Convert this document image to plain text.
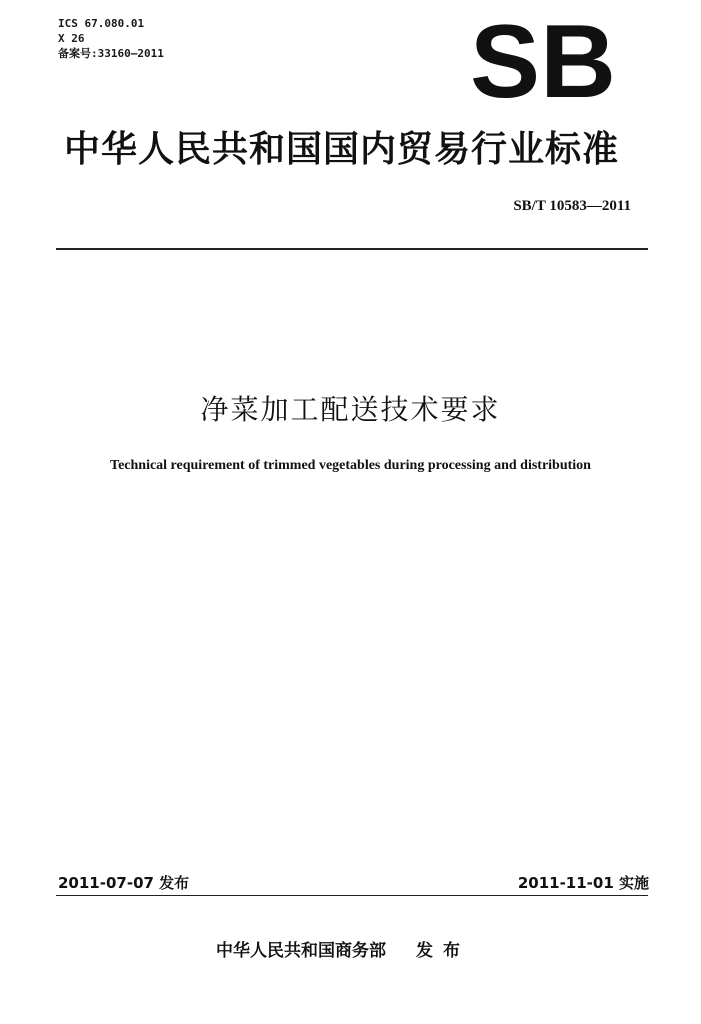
ICS 67.080.01
X 26
备案号:33160—2011	SB
中华人民共和国国内贸易行业标准
SB/T 10583—2011
净菜加工配送技术要求
Technical requirement of trimmed vegetables during processing and distribution
2011-07-07 发布	2011-11-01 实施
中华人民共和国商务部 发布
